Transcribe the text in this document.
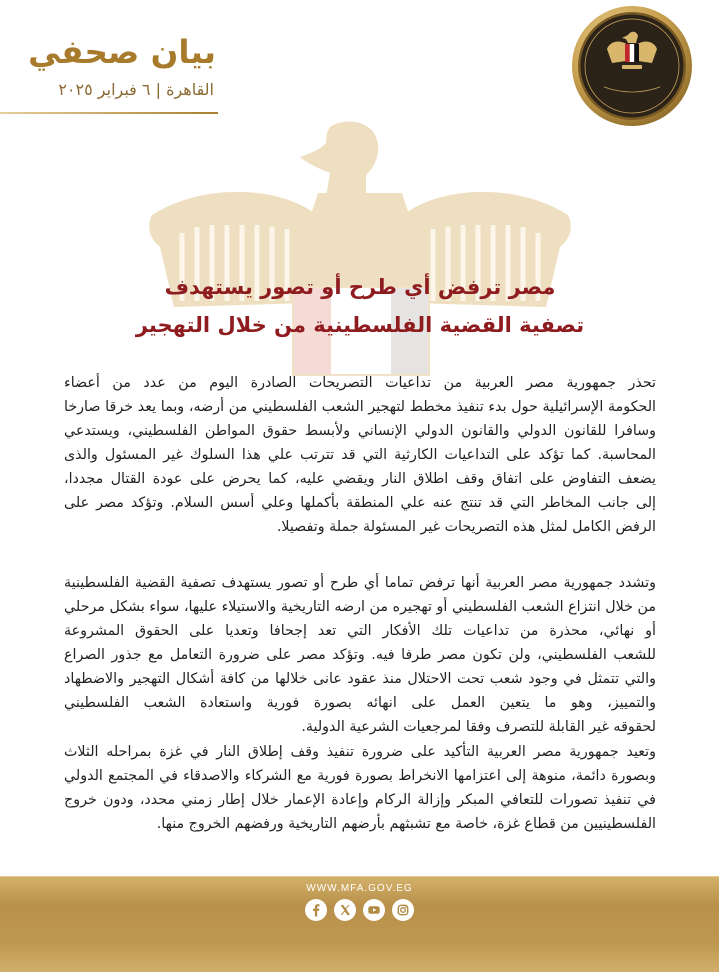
بيان صحفي
القاهرة | ٦ فبراير ٢٠٢٥
مصر ترفض أي طرح أو تصور يستهدف
تصفية القضية الفلسطينية من خلال التهجير
تحذر جمهورية مصر العربية من تداعيات التصريحات الصادرة اليوم من عدد من أعضاء
الحكومة الإسرائيلية حول بدء تنفيذ مخطط لتهجير الشعب الفلسطيني من أرضه، وبما يعد خرقا صارخا
وسافرا للقانون الدولي والقانون الدولي الإنساني ولأبسط حقوق المواطن الفلسطيني، ويستدعي
المحاسبة. كما تؤكد على التداعيات الكارثية التي قد تترتب علي هذا السلوك غير المسئول والذى
يضعف التفاوض على اتفاق وقف اطلاق النار ويقضي عليه، كما يحرض على عودة القتال مجددا،
إلى جانب المخاطر التي قد تنتج عنه علي المنطقة بأكملها وعلي أسس السلام. وتؤكد مصر على
الرفض الكامل لمثل هذه التصريحات غير المسئولة جملة وتفصيلا.
وتشدد جمهورية مصر العربية أنها ترفض تماما أي طرح أو تصور يستهدف تصفية القضية الفلسطينية
من خلال انتزاع الشعب الفلسطيني أو تهجيره من ارضه التاريخية والاستيلاء عليها، سواء بشكل مرحلي
أو نهائي، محذرة من تداعيات تلك الأفكار التي تعد إجحافا وتعديا على الحقوق المشروعة
للشعب الفلسطيني، ولن تكون مصر طرفا فيه. وتؤكد مصر على ضرورة التعامل مع جذور الصراع
والتي تتمثل في وجود شعب تحت الاحتلال منذ عقود عانى خلالها من كافة أشكال التهجير والاضطهاد
والتمييز، وهو ما يتعين العمل على انهائه بصورة فورية واستعادة الشعب الفلسطيني
لحقوقه غير القابلة للتصرف وفقا لمرجعيات الشرعية الدولية.
وتعيد جمهورية مصر العربية التأكيد على ضرورة تنفيذ وقف إطلاق النار في غزة بمراحله الثلاث
وبصورة دائمة، منوهة إلى اعتزامها الانخراط بصورة فورية مع الشركاء والاصدقاء في المجتمع الدولي
في تنفيذ تصورات للتعافي المبكر وإزالة الركام وإعادة الإعمار خلال إطار زمني محدد، ودون خروج
الفلسطينيين من قطاع غزة، خاصة مع تشبثهم بأرضهم التاريخية ورفضهم الخروج منها.
WWW.MFA.GOV.EG
